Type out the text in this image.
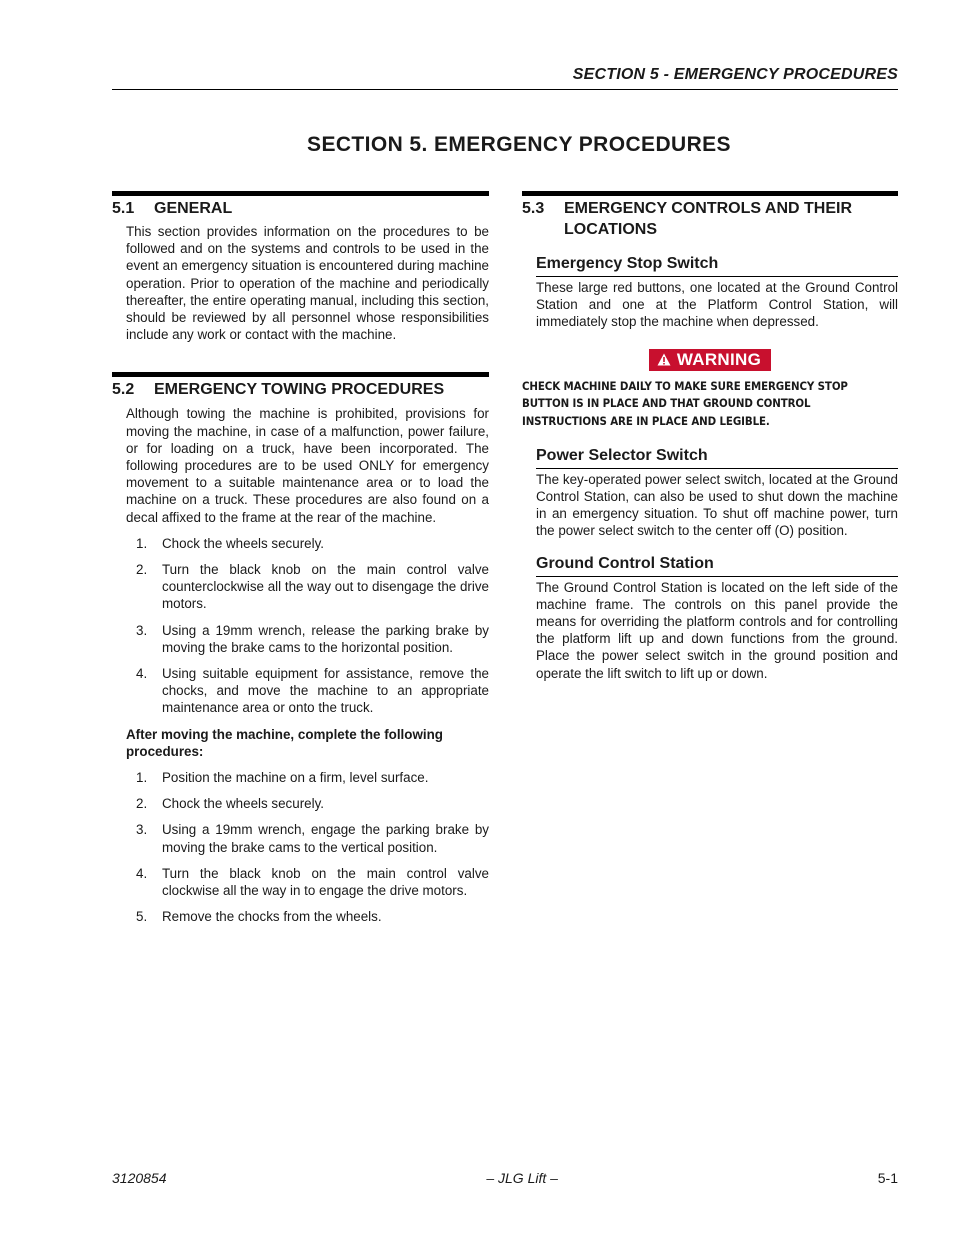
SECTION 5 - EMERGENCY PROCEDURES
SECTION 5. EMERGENCY PROCEDURES
5.1	GENERAL

This section provides information on the procedures to be followed and on the systems and controls to be used in the event an emergency situation is encountered during machine operation. Prior to operation of the machine and periodically thereafter, the entire operating manual, including this section, should be reviewed by all personnel whose responsibilities include any work or contact with the machine.

5.2	EMERGENCY TOWING PROCEDURES

Although towing the machine is prohibited, provisions for moving the machine, in case of a malfunction, power failure, or for loading on a truck, have been incorporated. The following procedures are to be used ONLY for emergency movement to a suitable maintenance area or to load the machine on a truck. These procedures are also found on a decal affixed to the frame at the rear of the machine.

1.	Chock the wheels securely.
2.	Turn the black knob on the main control valve counterclockwise all the way out to disengage the drive motors.
3.	Using a 19mm wrench, release the parking brake by moving the brake cams to the horizontal position.
4.	Using suitable equipment for assistance, remove the chocks, and move the machine to an appropriate maintenance area or onto the truck.

After moving the machine, complete the following procedures:

1.	Position the machine on a firm, level surface.
2.	Chock the wheels securely.
3.	Using a 19mm wrench, engage the parking brake by moving the brake cams to the vertical position.
4.	Turn the black knob on the main control valve clockwise all the way in to engage the drive motors.
5.	Remove the chocks from the wheels.
5.3	EMERGENCY CONTROLS AND THEIR LOCATIONS
Emergency Stop Switch

These large red buttons, one located at the Ground Control Station and one at the Platform Control Station, will immediately stop the machine when depressed.

WARNING

CHECK MACHINE DAILY TO MAKE SURE EMERGENCY STOP BUTTON IS IN PLACE AND THAT GROUND CONTROL INSTRUCTIONS ARE IN PLACE AND LEGIBLE.

Power Selector Switch

The key-operated power select switch, located at the Ground Control Station, can also be used to shut down the machine in an emergency situation. To shut off machine power, turn the power select switch to the center off (O) position.

Ground Control Station

The Ground Control Station is located on the left side of the machine frame. The controls on this panel provide the means for overriding the platform controls and for controlling the platform lift up and down functions from the ground. Place the power select switch in the ground position and operate the lift switch to lift up or down.

3120854	– JLG Lift –	5-1
